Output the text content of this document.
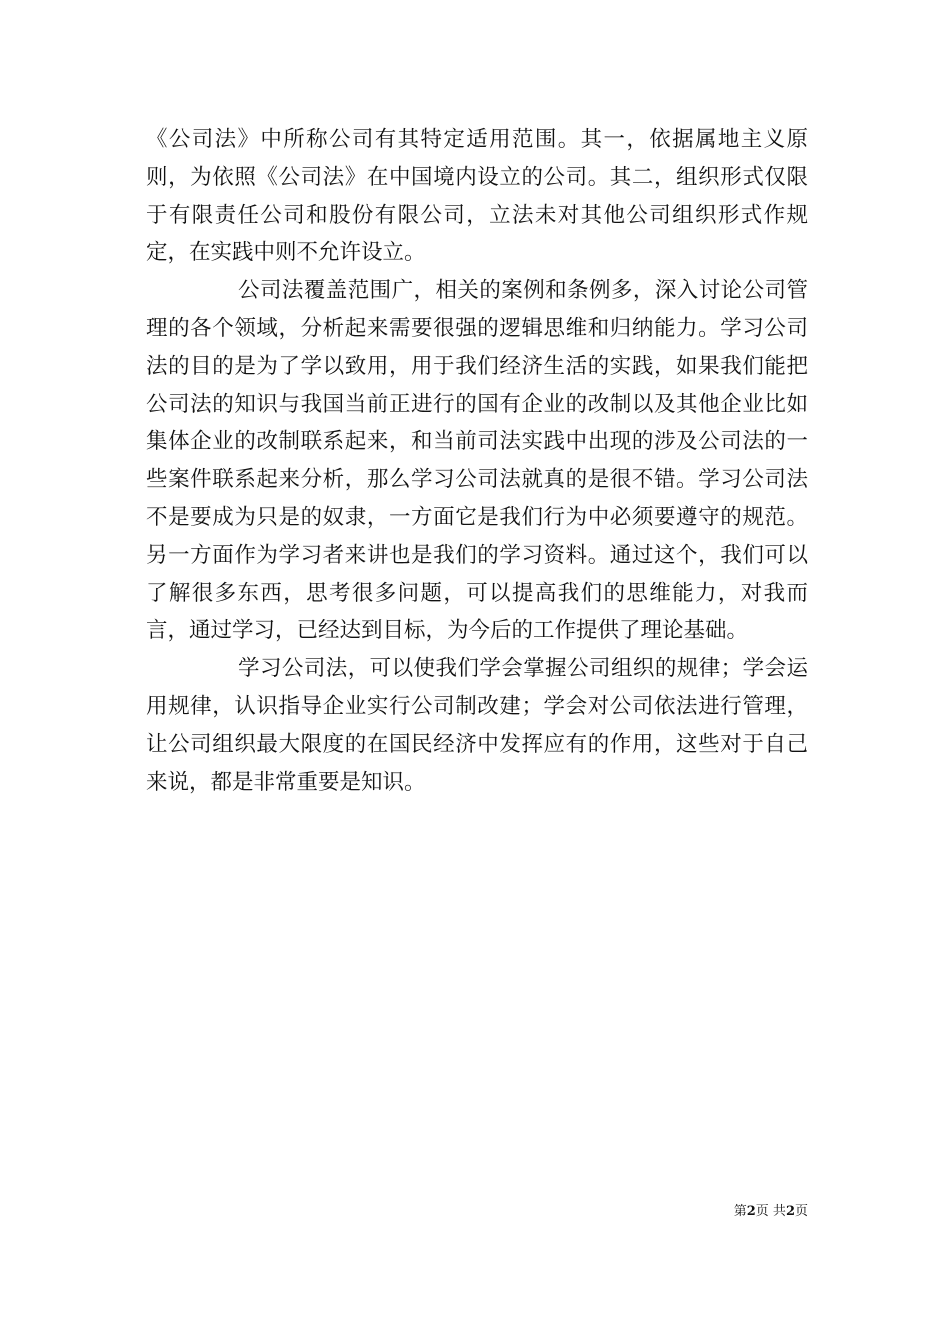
《公司法》中所称公司有其特定适用范围。其一，依据属地主义原则，为依照《公司法》在中国境内设立的公司。其二，组织形式仅限于有限责任公司和股份有限公司，立法未对其他公司组织形式作规定，在实践中则不允许设立。

公司法覆盖范围广，相关的案例和条例多，深入讨论公司管理的各个领域，分析起来需要很强的逻辑思维和归纳能力。学习公司法的目的是为了学以致用，用于我们经济生活的实践，如果我们能把公司法的知识与我国当前正进行的国有企业的改制以及其他企业比如集体企业的改制联系起来，和当前司法实践中出现的涉及公司法的一些案件联系起来分析，那么学习公司法就真的是很不错。学习公司法不是要成为只是的奴隶，一方面它是我们行为中必须要遵守的规范。另一方面作为学习者来讲也是我们的学习资料。通过这个，我们可以了解很多东西，思考很多问题，可以提高我们的思维能力，对我而言，通过学习，已经达到目标，为今后的工作提供了理论基础。

学习公司法，可以使我们学会掌握公司组织的规律；学会运用规律，认识指导企业实行公司制改建；学会对公司依法进行管理，让公司组织最大限度的在国民经济中发挥应有的作用，这些对于自己来说，都是非常重要是知识。

第2页 共2页
